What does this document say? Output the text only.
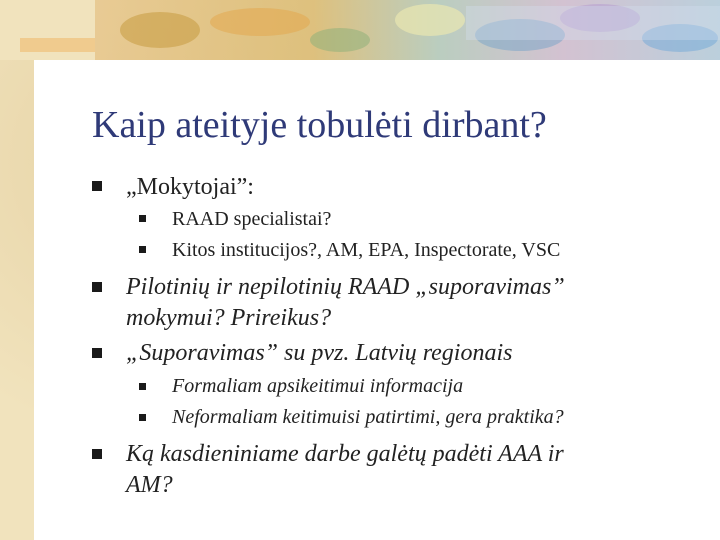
Kaip ateityje tobulėti dirbant?
„Mokytojai”:
RAAD specialistai?
Kitos institucijos?, AM, EPA, Inspectorate, VSC
Pilotinių ir nepilotinių RAAD „suporavimas”
mokymui? Prireikus?
„Suporavimas” su pvz. Latvių regionais
Formaliam apsikeitimui informacija
Neformaliam keitimuisi patirtimi, gera praktika?
Ką kasdieniniame darbe galėtų padėti AAA ir
AM?
